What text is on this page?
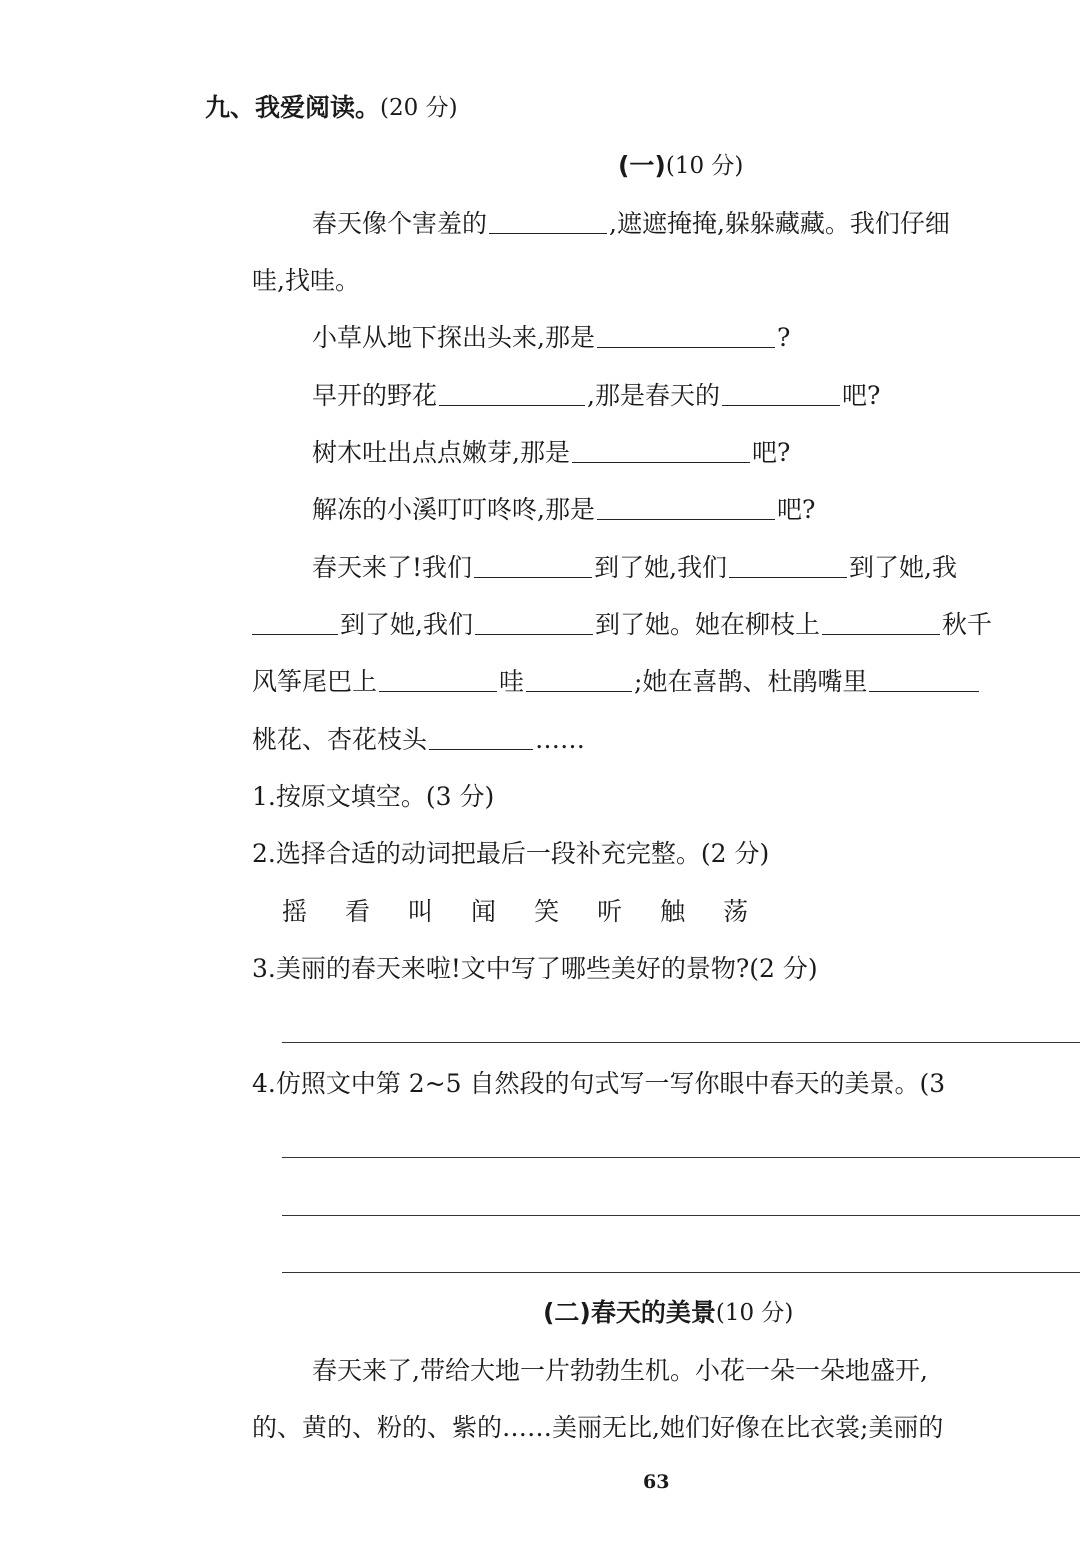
九、我爱阅读。 (20 分)
(一) (10 分)
春天像个害羞的	,遮遮掩掩,躲躲藏藏。我们仔细
哇,找哇。
小草从地下探出头来,那是	?
早开的野花	,那是春天的	吧?
树木吐出点点嫩芽,那是	吧?
解冻的小溪叮叮咚咚,那是	吧?
春天来了!我们	到了她,我们	到了她,我
到了她,我们	到了她。她在柳枝上	秋千
风筝尾巴上	哇	;她在喜鹊、杜鹃嘴里
桃花、杏花枝头	……
1.按原文填空。(3 分)
2.选择合适的动词把最后一段补充完整。(2 分)
摇 看 叫 闻 笑 听 触 荡
3.美丽的春天来啦!文中写了哪些美好的景物?(2 分)
4.仿照文中第 2~5 自然段的句式写一写你眼中春天的美景。(3
(二)春天的美景 (10 分)
春天来了,带给大地一片勃勃生机。小花一朵一朵地盛开,
的、黄的、粉的、紫的……美丽无比,她们好像在比衣裳;美丽的
63
